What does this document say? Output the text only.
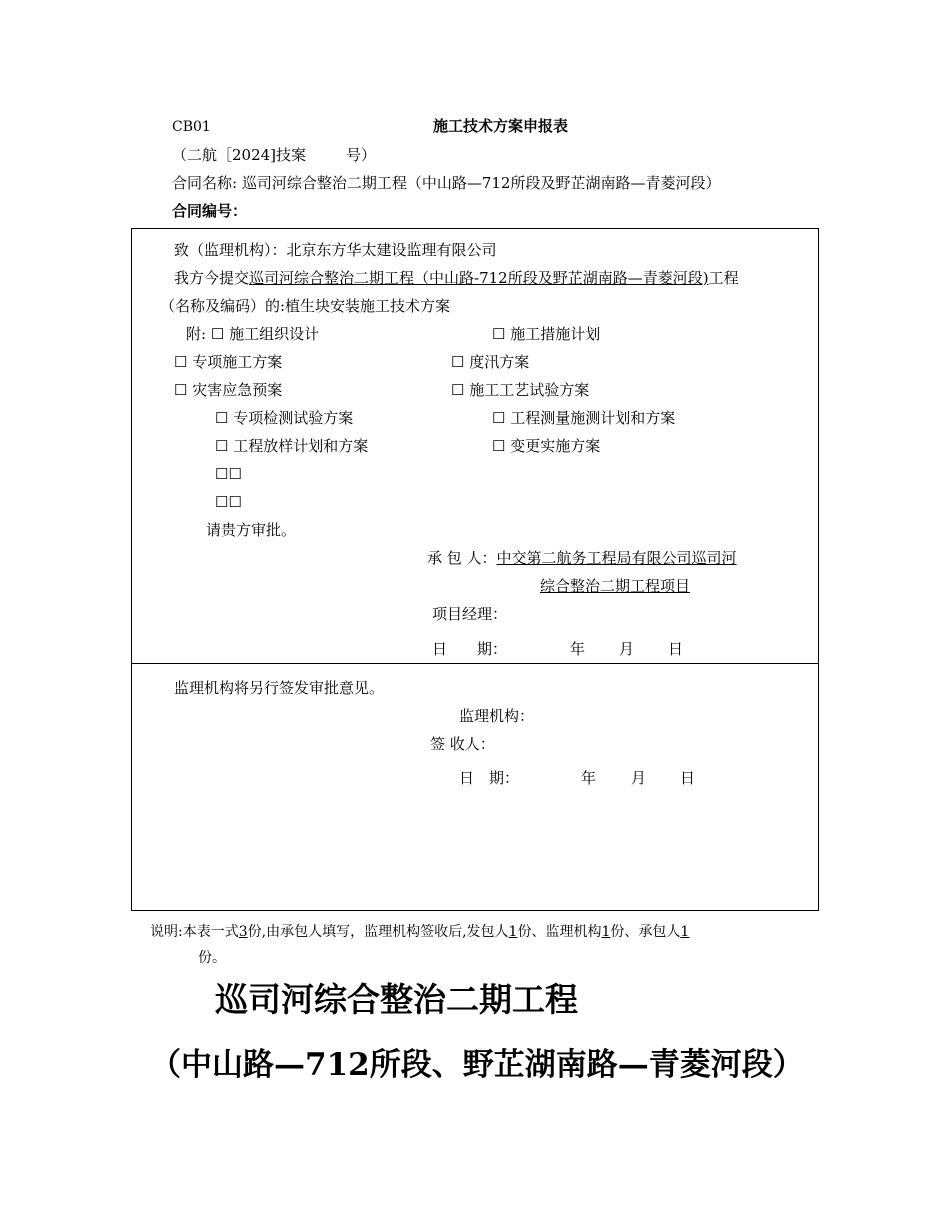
CB01	施工技术方案申报表
（二航［2024]技案	号）
合同名称: 巡司河综合整治二期工程（中山路—712所段及野芷湖南路—青菱河段）
合同编号：
致（监理机构）：北京东方华太建设监理有限公司
我方今提交巡司河综合整治二期工程（中山路-712所段及野芷湖南路—青菱河段)工程
（名称及编码）的:植生块安装施工技术方案
附: ☐ 施工组织设计	☐ 施工措施计划
☐ 专项施工方案	☐ 度汛方案
☐ 灾害应急预案	☐ 施工工艺试验方案
☐ 专项检测试验方案	☐ 工程测量施测计划和方案
☐ 工程放样计划和方案	☐ 变更实施方案
☐☐
☐☐
请贵方审批。
承 包 人：中交第二航务工程局有限公司巡司河
综合整治二期工程项目
项目经理：
日　　期：	年 月 日
监理机构将另行签发审批意见。
监理机构：
签 收人：
日　期：	年 月 日
说明:本表一式3份,由承包人填写，监理机构签收后,发包人1份、监理机构1份、承包人1
份。
巡司河综合整治二期工程
（中山路—712所段、野芷湖南路—青菱河段）
